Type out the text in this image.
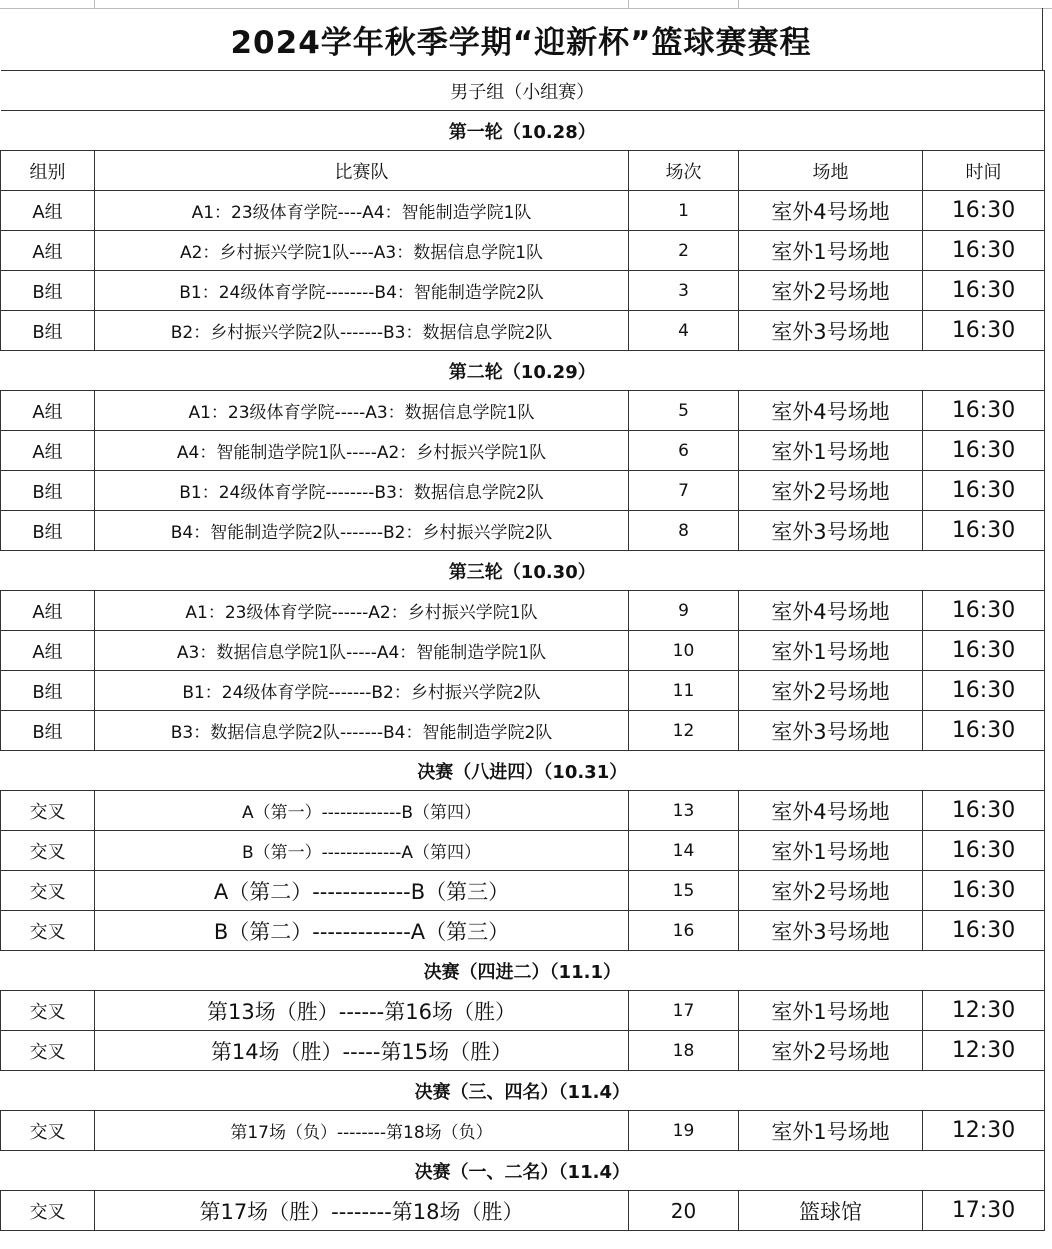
2024学年秋季学期“迎新杯”篮球赛赛程
男子组（小组赛）				
第一轮（10.28）				
组别	比赛队	场次	场地	时间
A组	A1：23级体育学院----A4：智能制造学院1队	1	室外4号场地	16:30
A组	A2：乡村振兴学院1队----A3：数据信息学院1队	2	室外1号场地	16:30
B组	B1：24级体育学院--------B4：智能制造学院2队	3	室外2号场地	16:30
B组	B2：乡村振兴学院2队-------B3：数据信息学院2队	4	室外3号场地	16:30
第二轮（10.29）				
A组	A1：23级体育学院-----A3：数据信息学院1队	5	室外4号场地	16:30
A组	A4：智能制造学院1队-----A2：乡村振兴学院1队	6	室外1号场地	16:30
B组	B1：24级体育学院--------B3：数据信息学院2队	7	室外2号场地	16:30
B组	B4：智能制造学院2队-------B2：乡村振兴学院2队	8	室外3号场地	16:30
第三轮（10.30）				
A组	A1：23级体育学院------A2：乡村振兴学院1队	9	室外4号场地	16:30
A组	A3：数据信息学院1队-----A4：智能制造学院1队	10	室外1号场地	16:30
B组	B1：24级体育学院-------B2：乡村振兴学院2队	11	室外2号场地	16:30
B组	B3：数据信息学院2队-------B4：智能制造学院2队	12	室外3号场地	16:30
决赛（八进四）（10.31）				
交叉	A（第一）-------------B（第四）	13	室外4号场地	16:30
交叉	B（第一）-------------A（第四）	14	室外1号场地	16:30
交叉	A（第二）-------------B（第三）	15	室外2号场地	16:30
交叉	B（第二）-------------A（第三）	16	室外3号场地	16:30
决赛（四进二）（11.1）				
交叉	第13场（胜）------第16场（胜）	17	室外1号场地	12:30
交叉	第14场（胜）-----第15场（胜）	18	室外2号场地	12:30
决赛（三、四名）（11.4）				
交叉	第17场（负）--------第18场（负）	19	室外1号场地	12:30
决赛（一、二名）（11.4）				
交叉	第17场（胜）--------第18场（胜）	20	篮球馆	17:30
